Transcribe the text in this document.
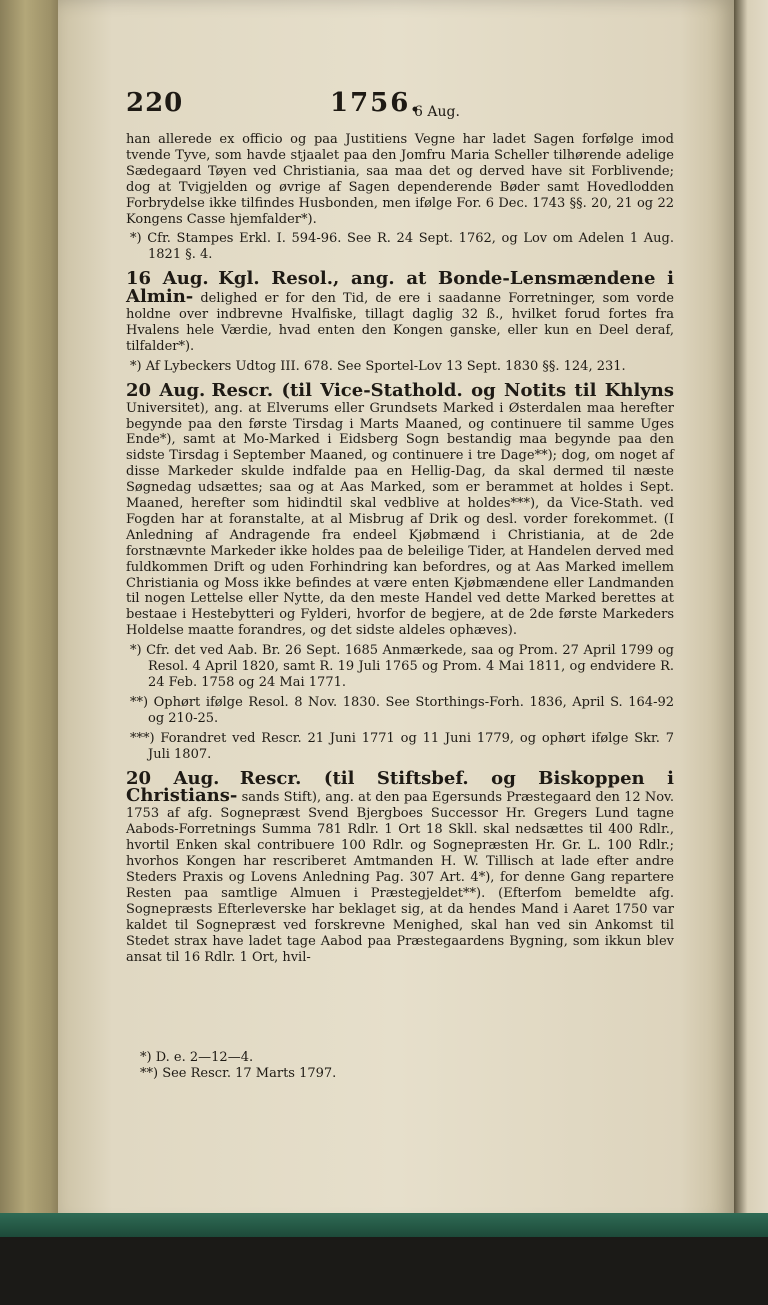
220	1756.
6 Aug.

han allerede ex officio og paa Justitiens Vegne har ladet Sagen forfølge imod tvende Tyve, som havde stjaalet paa den Jomfru Maria Scheller tilhørende adelige Sædegaard Tøyen ved Christiania, saa maa det og derved have sit Forblivende; dog at Tvigjelden og øvrige af Sagen dependerende Bøder samt Hovedlodden Forbrydelse ikke tilfindes Husbonden, men ifølge For. 6 Dec. 1743 §§. 20, 21 og 22 Kongens Casse hjemfalder*).

*) Cfr. Stampes Erkl. I. 594-96. See R. 24 Sept. 1762, og Lov om Adelen 1 Aug. 1821 §. 4.

16 Aug. Kgl. Resol., ang. at Bonde-Lensmændene i Almin- delighed er for den Tid, de ere i saadanne Forretninger, som vorde holdne over indbrevne Hvalfiske, tillagt daglig 32 ß., hvilket forud fortes fra Hvalens hele Værdie, hvad enten den Kongen ganske, eller kun en Deel deraf, tilfalder*).

*) Af Lybeckers Udtog III. 678. See Sportel-Lov 13 Sept. 1830 §§. 124, 231.

20 Aug. Rescr. (til Vice-Stathold. og Notits til Khlyns Universitet), ang. at Elverums eller Grundsets Marked i Østerdalen maa herefter begynde paa den første Tirsdag i Marts Maaned, og continuere til samme Uges Ende*), samt at Mo-Marked i Eidsberg Sogn bestandig maa begynde paa den sidste Tirsdag i September Maaned, og continuere i tre Dage**); dog, om noget af disse Markeder skulde indfalde paa en Hellig-Dag, da skal dermed til næste Søgnedag udsættes; saa og at Aas Marked, som er berammet at holdes i Sept. Maaned, herefter som hidindtil skal vedblive at holdes***), da Vice-Stath. ved Fogden har at foranstalte, at al Misbrug af Drik og desl. vorder forekommet. (I Anledning af Andragende fra endeel Kjøbmænd i Christiania, at de 2de forstnævnte Markeder ikke holdes paa de beleilige Tider, at Handelen derved med fuldkommen Drift og uden Forhindring kan befordres, og at Aas Marked imellem Christiania og Moss ikke befindes at være enten Kjøbmændene eller Landmanden til nogen Lettelse eller Nytte, da den meste Handel ved dette Marked berettes at bestaae i Hestebytteri og Fylderi, hvorfor de begjere, at de 2de første Markeders Holdelse maatte forandres, og det sidste aldeles ophæves).

*) Cfr. det ved Aab. Br. 26 Sept. 1685 Anmærkede, saa og Prom. 27 April 1799 og Resol. 4 April 1820, samt R. 19 Juli 1765 og Prom. 4 Mai 1811, og endvidere R. 24 Feb. 1758 og 24 Mai 1771.

**) Ophørt ifølge Resol. 8 Nov. 1830. See Storthings-Forh. 1836, April S. 164-92 og 210-25.

***) Forandret ved Rescr. 21 Juni 1771 og 11 Juni 1779, og ophørt ifølge Skr. 7 Juli 1807.

20 Aug. Rescr. (til Stiftsbef. og Biskoppen i Christians- sands Stift), ang. at den paa Egersunds Præstegaard den 12 Nov. 1753 af afg. Sognepræst Svend Bjergboes Successor Hr. Gregers Lund tagne Aabods-Forretnings Summa 781 Rdlr. 1 Ort 18 Skll. skal nedsættes til 400 Rdlr., hvortil Enken skal contribuere 100 Rdlr. og Sognepræsten Hr. Gr. L. 100 Rdlr.; hvorhos Kongen har rescriberet Amtmanden H. W. Tillisch at lade efter andre Steders Praxis og Lovens Anledning Pag. 307 Art. 4*), for denne Gang repartere Resten paa samtlige Almuen i Præstegjeldet**). (Efterfom bemeldte afg. Sognepræsts Efterleverske har beklaget sig, at da hendes Mand i Aaret 1750 var kaldet til Sognepræst ved forskrevne Menighed, skal han ved sin Ankomst til Stedet strax have ladet tage Aabod paa Præstegaardens Bygning, som ikkun blev ansat til 16 Rdlr. 1 Ort, hvil-

*) D. e. 2—12—4.
**) See Rescr. 17 Marts 1797.
